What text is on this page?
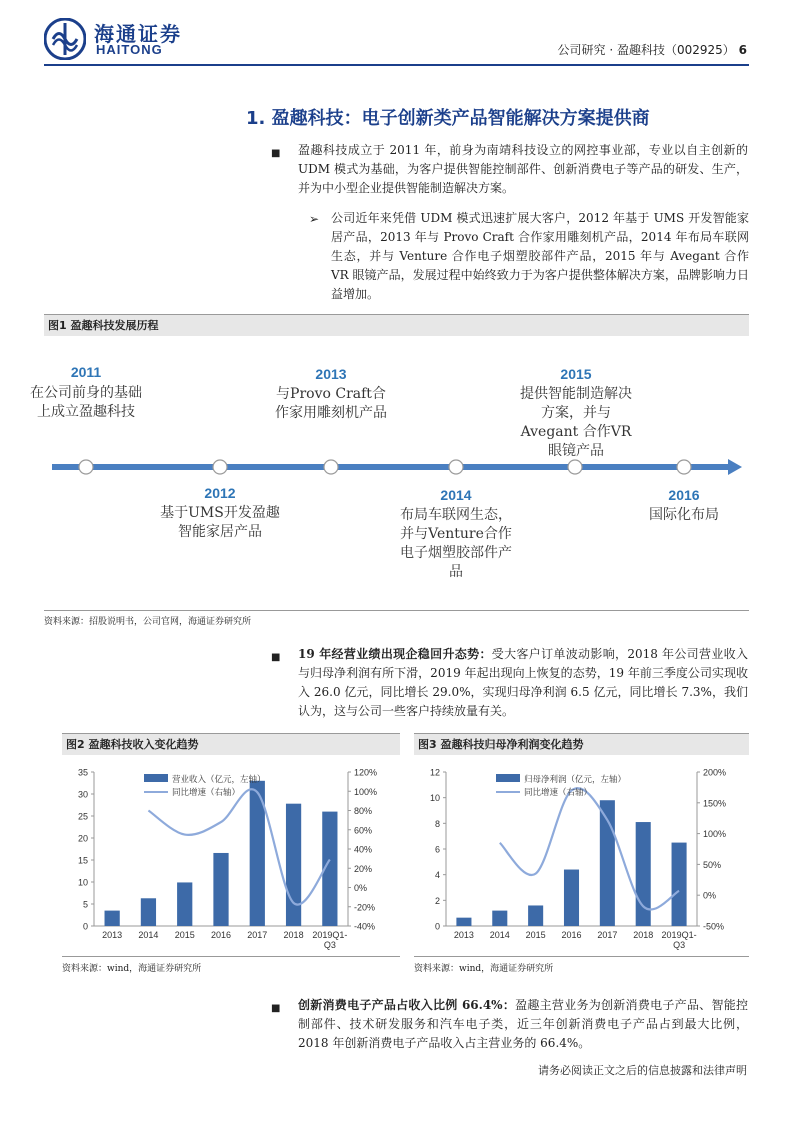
海通证券
HAITONG	公司研究 · 盈趣科技（002925） 6
1. 盈趣科技：电子创新类产品智能解决方案提供商
■ 盈趣科技成立于 2011 年，前身为南靖科技设立的网控事业部，专业以自主创新的 UDM 模式为基础，为客户提供智能控制部件、创新消费电子等产品的研发、生产，并为中小型企业提供智能制造解决方案。
➢ 公司近年来凭借 UDM 模式迅速扩展大客户，2012 年基于 UMS 开发智能家居产品，2013 年与 Provo Craft 合作家用雕刻机产品，2014 年布局车联网生态，并与 Venture 合作电子烟塑胶部件产品，2015 年与 Avegant 合作 VR 眼镜产品，发展过程中始终致力于为客户提供整体解决方案，品牌影响力日益增加。
图1 盈趣科技发展历程
2011
在公司前身的基础上成立盈趣科技
2013
与Provo Craft合作家用雕刻机产品
2015
提供智能制造解决方案，并与 Avegant 合作VR眼镜产品
2012
基于UMS开发盈趣智能家居产品
2014
布局车联网生态，并与Venture合作电子烟塑胶部件产品
2016
国际化布局
资料来源：招股说明书，公司官网，海通证券研究所
■ 19 年经营业绩出现企稳回升态势：受大客户订单波动影响，2018 年公司营业收入与归母净利润有所下滑，2019 年起出现向上恢复的态势，19 年前三季度公司实现收入 26.0 亿元，同比增长 29.0%，实现归母净利润 6.5 亿元，同比增长 7.3%，我们认为，这与公司一些客户持续放量有关。
图2 盈趣科技收入变化趋势
0
5
10
15
20
25
30
35
-40%
-20%
0%
20%
40%
60%
80%
100%
120%
2013 2014 2015 2016 2017 2018 2019Q1-
Q3
营业收入（亿元，左轴）
同比增速（右轴）
资料来源：wind，海通证券研究所
图3 盈趣科技归母净利润变化趋势
0
2
4
6
8
10
12
-50%
0%
50%
100%
150%
200%
2013 2014 2015 2016 2017 2018 2019Q1-
Q3
归母净利润（亿元，左轴）
同比增速（右轴）
资料来源：wind，海通证券研究所
■ 创新消费电子产品占收入比例 66.4%：盈趣主营业务为创新消费电子产品、智能控制部件、技术研发服务和汽车电子类，近三年创新消费电子产品占到最大比例，2018 年创新消费电子产品收入占主营业务的 66.4%。
请务必阅读正文之后的信息披露和法律声明
